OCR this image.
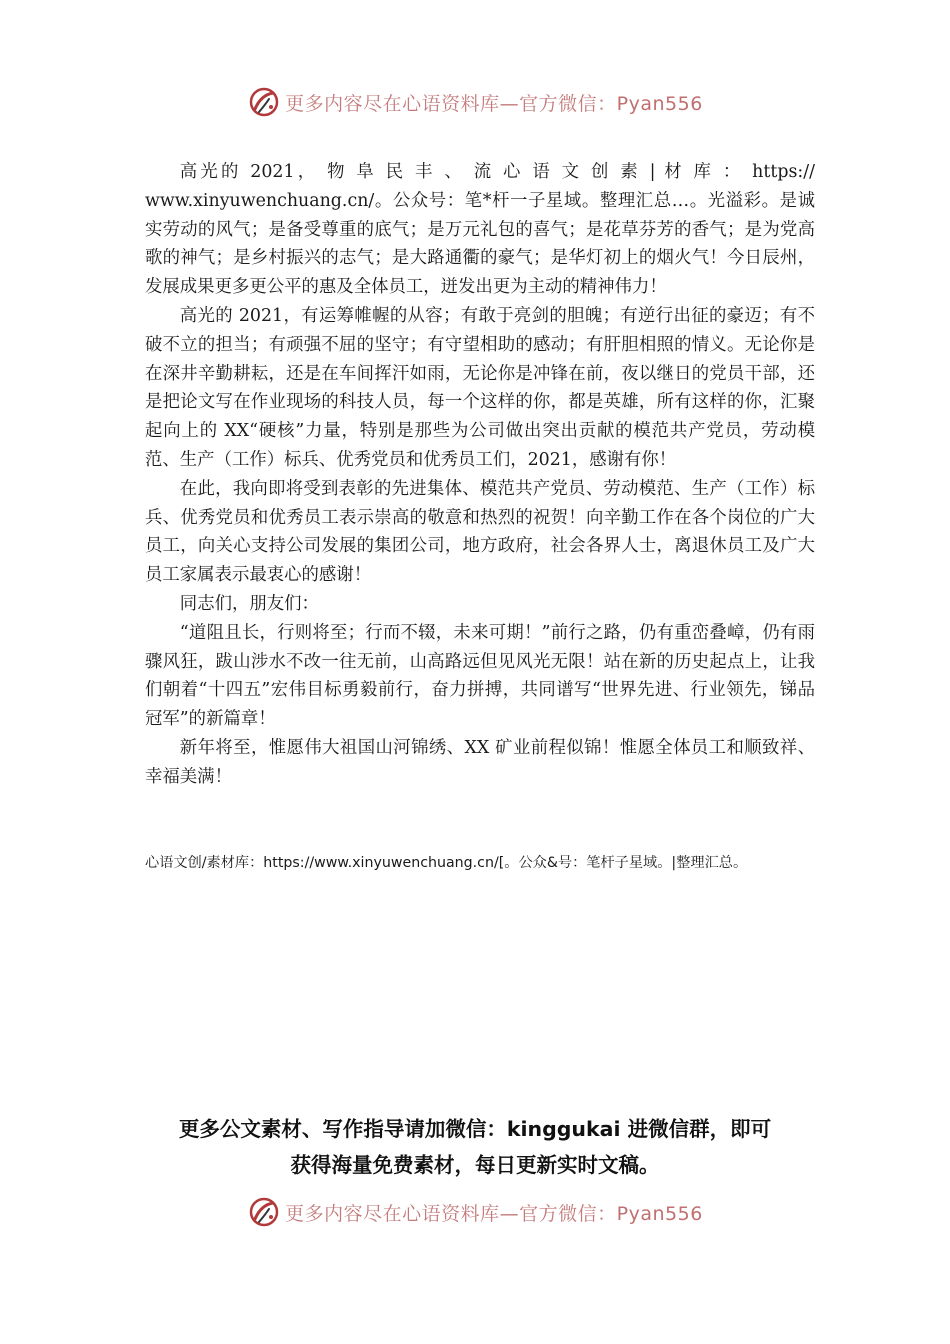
更多内容尽在心语资料库—官方微信：Pyan556

高光的 2021， 物 阜 民 丰 、 流 心 语 文 创 素 | 材 库 ： https:// www.xinyuwenchuang.cn/。公众号：笔*杆一子星域。整理汇总…。光溢彩。是诚实劳动的风气；是备受尊重的底气；是万元礼包的喜气；是花草芬芳的香气；是为党高歌的神气；是乡村振兴的志气；是大路通衢的豪气；是华灯初上的烟火气！今日辰州，发展成果更多更公平的惠及全体员工，迸发出更为主动的精神伟力！

高光的 2021，有运筹帷幄的从容；有敢于亮剑的胆魄；有逆行出征的豪迈；有不破不立的担当；有顽强不屈的坚守；有守望相助的感动；有肝胆相照的情义。无论你是在深井辛勤耕耘，还是在车间挥汗如雨，无论你是冲锋在前，夜以继日的党员干部，还是把论文写在作业现场的科技人员，每一个这样的你，都是英雄，所有这样的你，汇聚起向上的 XX“硬核”力量，特别是那些为公司做出突出贡献的模范共产党员，劳动模范、生产（工作）标兵、优秀党员和优秀员工们，2021，感谢有你！

在此，我向即将受到表彰的先进集体、模范共产党员、劳动模范、生产（工作）标兵、优秀党员和优秀员工表示崇高的敬意和热烈的祝贺！向辛勤工作在各个岗位的广大员工，向关心支持公司发展的集团公司，地方政府，社会各界人士，离退休员工及广大员工家属表示最衷心的感谢！

同志们，朋友们：

“道阻且长，行则将至；行而不辍，未来可期！”前行之路，仍有重峦叠嶂，仍有雨骤风狂，跋山涉水不改一往无前，山高路远但见风光无限！站在新的历史起点上，让我们朝着“十四五”宏伟目标勇毅前行，奋力拼搏，共同谱写“世界先进、行业领先，锑品冠军”的新篇章！

新年将至，惟愿伟大祖国山河锦绣、XX 矿业前程似锦！惟愿全体员工和顺致祥、幸福美满！

心语文创/素材库：https://www.xinyuwenchuang.cn/[。公众&号：笔杆子星域。|整理汇总。
更多公文素材、写作指导请加微信：kinggukai 进微信群，即可
获得海量免费素材，每日更新实时文稿。
更多内容尽在心语资料库—官方微信：Pyan556
